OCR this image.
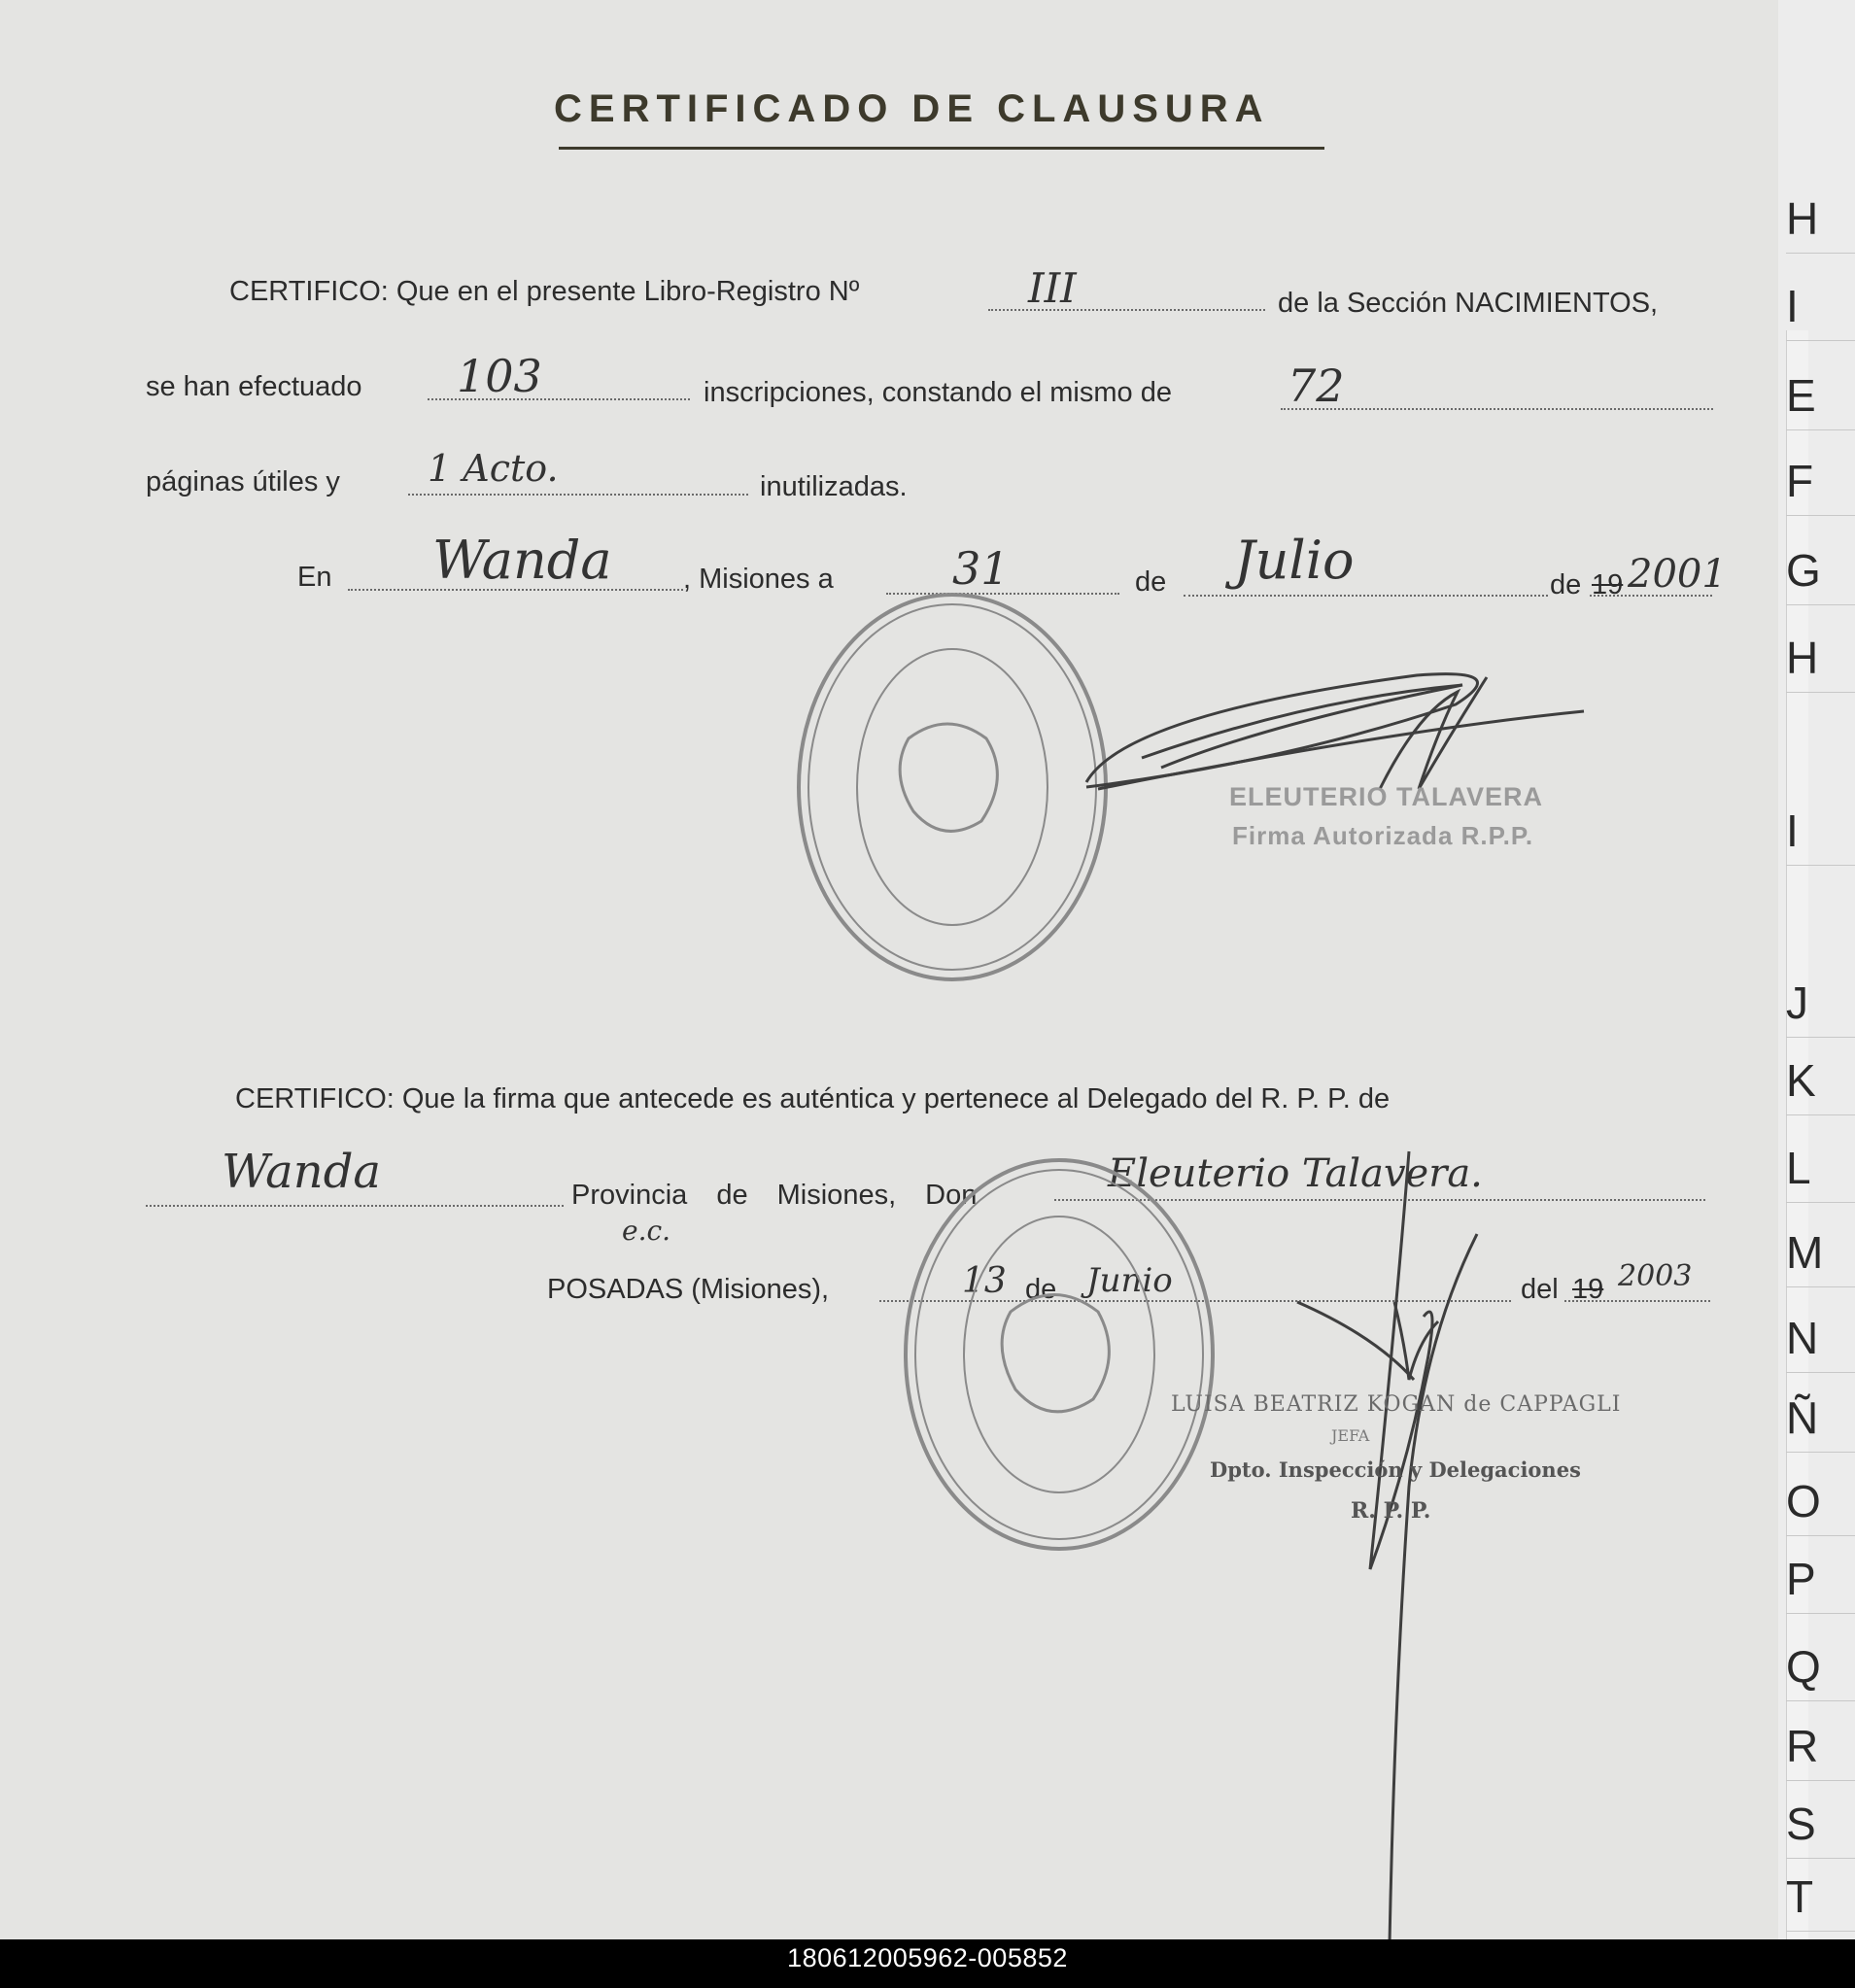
H
I
E
F
G
H
I
J
K
L
M
N
Ñ
O
P
Q
R
S
T
CERTIFICADO DE CLAUSURA
CERTIFICO: Que en el presente Libro-Registro Nº	III	de la Sección NACIMIENTOS,
se han efectuado 103	inscripciones, constando el mismo de	72
páginas útiles y 1 Acto.	inutilizadas.
En Wanda	, Misiones a	31	de Julio	de 19 2001
ELEUTERIO TALAVERA
Firma Autorizada R.P.P.
CERTIFICO: Que la firma que antecede es auténtica y pertenece al Delegado del R. P. P. de
Wanda	Provincia de Misiones, Don	Eleuterio Talavera.
e.c.
POSADAS (Misiones),	13 de Junio	del 19 2003
LUISA BEATRIZ KOGAN de CAPPAGLI
JEFA
Dpto. Inspección y Delegaciones
R. P. P.
180612005962-005852
